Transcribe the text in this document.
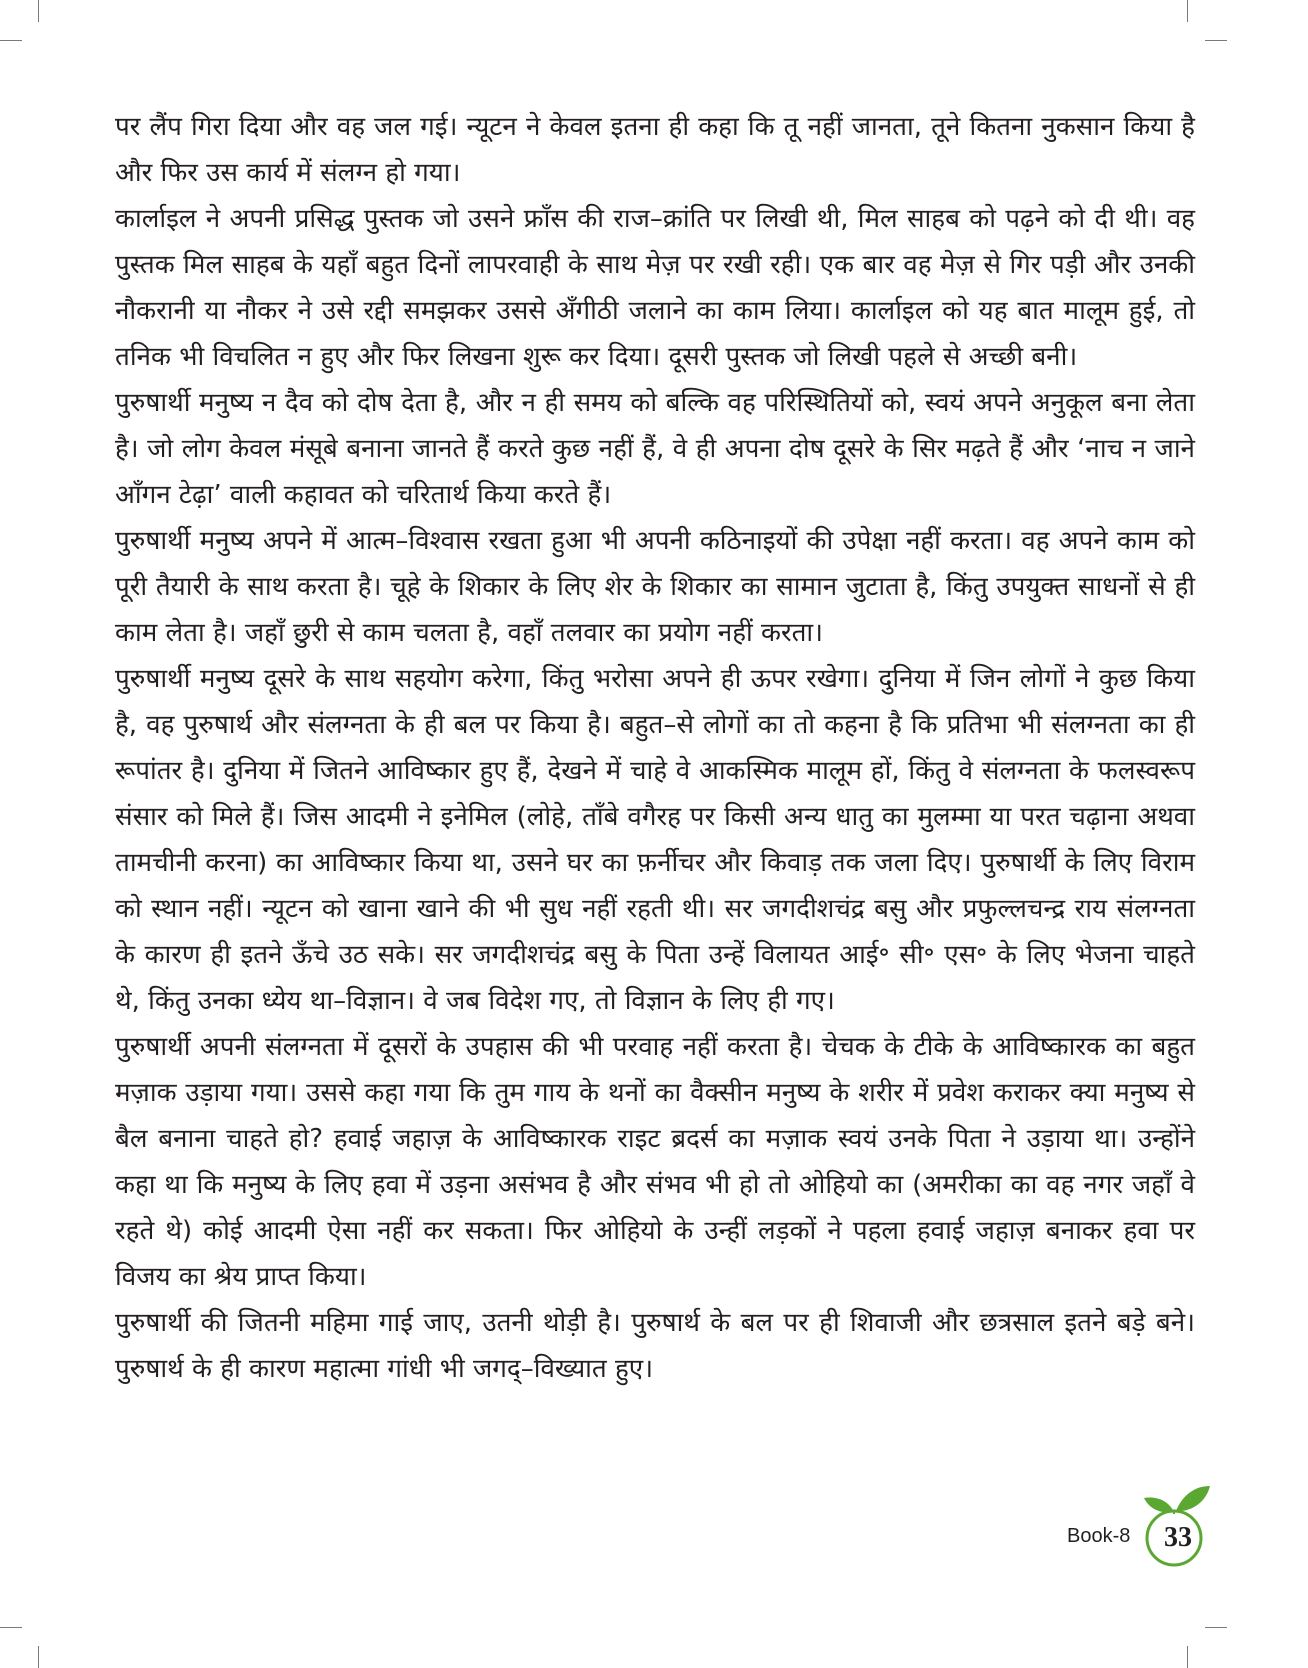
पर लैंप गिरा दिया और वह जल गई। न्यूटन ने केवल इतना ही कहा कि तू नहीं जानता, तूने कितना नुकसान किया है और फिर उस कार्य में संलग्न हो गया।

कार्लाइल ने अपनी प्रसिद्ध पुस्तक जो उसने फ्राँस की राज–क्रांति पर लिखी थी, मिल साहब को पढ़ने को दी थी। वह पुस्तक मिल साहब के यहाँ बहुत दिनों लापरवाही के साथ मेज़ पर रखी रही। एक बार वह मेज़ से गिर पड़ी और उनकी नौकरानी या नौकर ने उसे रद्दी समझकर उससे अँगीठी जलाने का काम लिया। कार्लाइल को यह बात मालूम हुई, तो तनिक भी विचलित न हुए और फिर लिखना शुरू कर दिया। दूसरी पुस्तक जो लिखी पहले से अच्छी बनी।

पुरुषार्थी मनुष्य न दैव को दोष देता है, और न ही समय को बल्कि वह परिस्थितियों को, स्वयं अपने अनुकूल बना लेता है। जो लोग केवल मंसूबे बनाना जानते हैं करते कुछ नहीं हैं, वे ही अपना दोष दूसरे के सिर मढ़ते हैं और ‘नाच न जाने आँगन टेढ़ा’ वाली कहावत को चरितार्थ किया करते हैं।

पुरुषार्थी मनुष्य अपने में आत्म–विश्वास रखता हुआ भी अपनी कठिनाइयों की उपेक्षा नहीं करता। वह अपने काम को पूरी तैयारी के साथ करता है। चूहे के शिकार के लिए शेर के शिकार का सामान जुटाता है, किंतु उपयुक्त साधनों से ही काम लेता है। जहाँ छुरी से काम चलता है, वहाँ तलवार का प्रयोग नहीं करता।

पुरुषार्थी मनुष्य दूसरे के साथ सहयोग करेगा, किंतु भरोसा अपने ही ऊपर रखेगा। दुनिया में जिन लोगों ने कुछ किया है, वह पुरुषार्थ और संलग्नता के ही बल पर किया है। बहुत–से लोगों का तो कहना है कि प्रतिभा भी संलग्नता का ही रूपांतर है। दुनिया में जितने आविष्कार हुए हैं, देखने में चाहे वे आकस्मिक मालूम हों, किंतु वे संलग्नता के फलस्वरूप संसार को मिले हैं। जिस आदमी ने इनेमिल (लोहे, ताँबे वगैरह पर किसी अन्य धातु का मुलम्मा या परत चढ़ाना अथवा तामचीनी करना) का आविष्कार किया था, उसने घर का फ़र्नीचर और किवाड़ तक जला दिए। पुरुषार्थी के लिए विराम को स्थान नहीं। न्यूटन को खाना खाने की भी सुध नहीं रहती थी। सर जगदीशचंद्र बसु और प्रफुल्लचन्द्र राय संलग्नता के कारण ही इतने ऊँचे उठ सके। सर जगदीशचंद्र बसु के पिता उन्हें विलायत आई॰ सी॰ एस॰ के लिए भेजना चाहते थे, किंतु उनका ध्येय था–विज्ञान। वे जब विदेश गए, तो विज्ञान के लिए ही गए।

पुरुषार्थी अपनी संलग्नता में दूसरों के उपहास की भी परवाह नहीं करता है। चेचक के टीके के आविष्कारक का बहुत मज़ाक उड़ाया गया। उससे कहा गया कि तुम गाय के थनों का वैक्सीन मनुष्य के शरीर में प्रवेश कराकर क्या मनुष्य से बैल बनाना चाहते हो? हवाई जहाज़ के आविष्कारक राइट ब्रदर्स का मज़ाक स्वयं उनके पिता ने उड़ाया था। उन्होंने कहा था कि मनुष्य के लिए हवा में उड़ना असंभव है और संभव भी हो तो ओहियो का (अमरीका का वह नगर जहाँ वे रहते थे) कोई आदमी ऐसा नहीं कर सकता। फिर ओहियो के उन्हीं लड़कों ने पहला हवाई जहाज़ बनाकर हवा पर विजय का श्रेय प्राप्त किया।

पुरुषार्थी की जितनी महिमा गाई जाए, उतनी थोड़ी है। पुरुषार्थ के बल पर ही शिवाजी और छत्रसाल इतने बड़े बने। पुरुषार्थ के ही कारण महात्मा गांधी भी जगद्–विख्यात हुए।

Book-8	33
